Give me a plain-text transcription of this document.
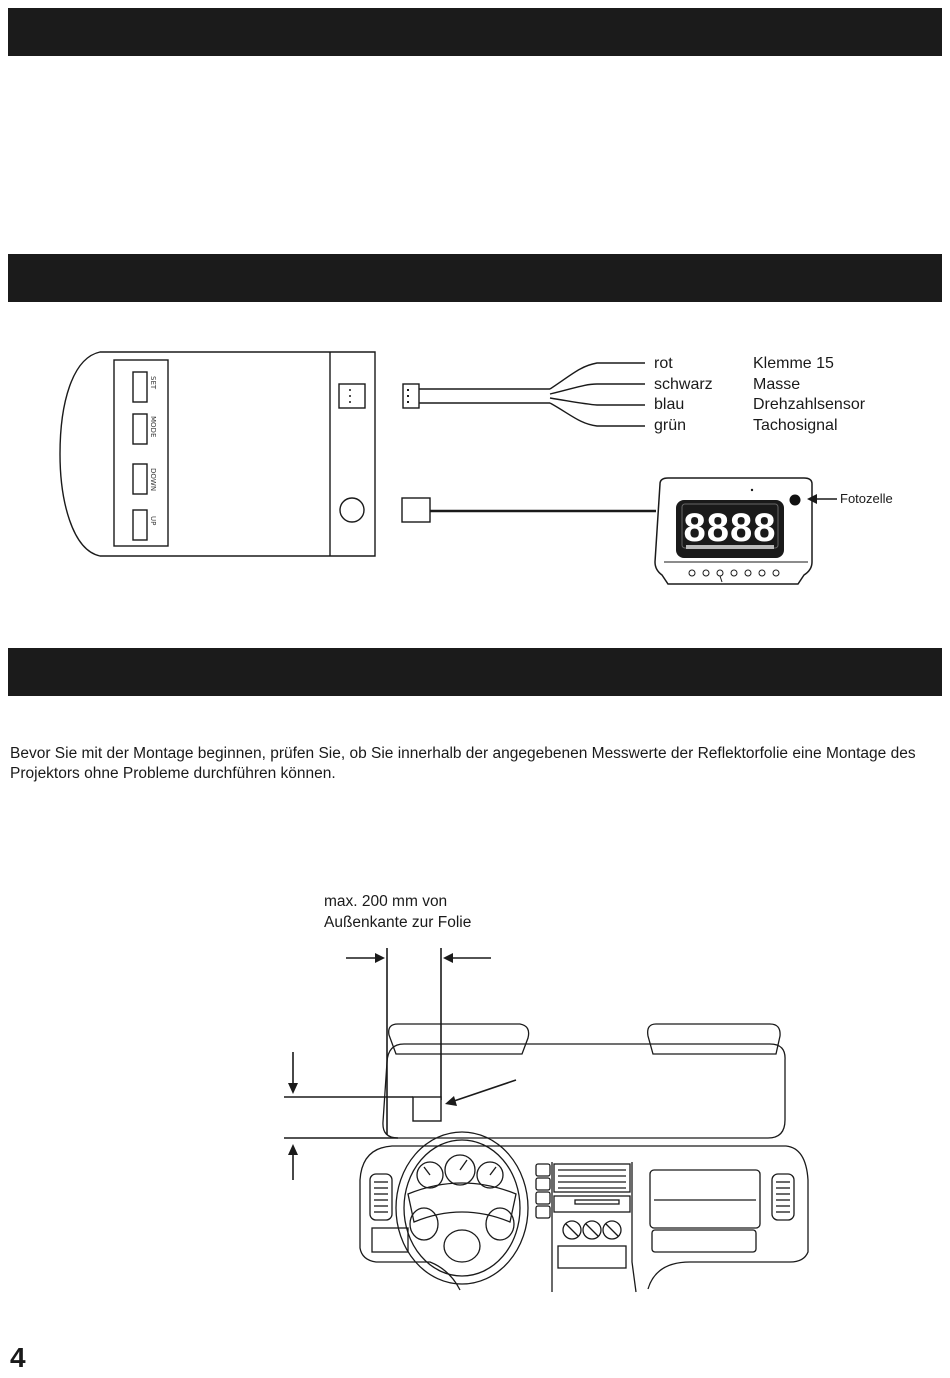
SET
MODE
DOWN
UP	8888
rot	Klemme 15
schwarz	Masse
blau	Drehzahlsensor
grün	Tachosignal
Fotozelle
Bevor Sie mit der Montage beginnen, prüfen Sie, ob Sie innerhalb der angegebenen Messwerte der Reflektorfolie eine Montage des Projektors ohne Probleme durchführen können.
max. 200 mm von
Außenkante zur Folie
4
